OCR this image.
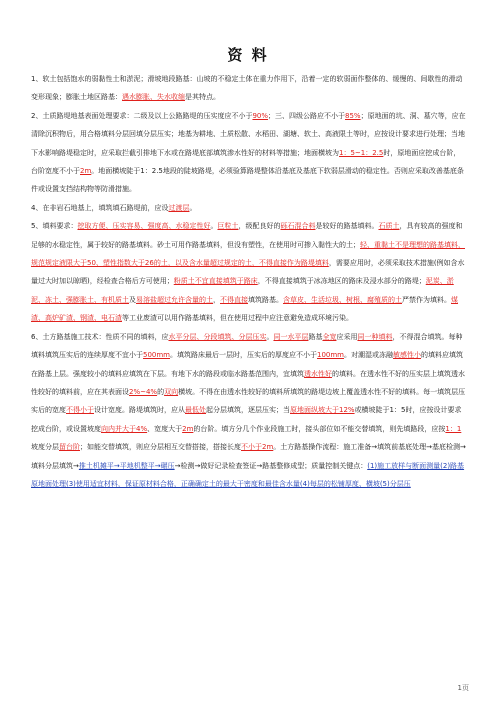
资 料

1、软土包括饱水的弱黏性土和淤泥；滑坡地段路基：山坡的不稳定土体在重力作用下，沿着一定的软弱面作整体的、缓慢的、间歇性的滑动变形现象；膨胀土地区路基：遇水膨胀、失水收缩是其特点。

2、土质路堤地基表面处理要求：二级及以上公路路堤的压实度应不小于90%；三、四级公路应不小于85%；原地面的坑、洞、墓穴等，应在清除沉积物后，用合格填料分层回填分层压实；地基为耕地、土质松散、水稻田、湖塘、软土、高液限土等时，应按设计要求进行处理；当地下水影响路堤稳定时，应采取拦截引排地下水或在路堤底部填筑渗水性好的材料等措施；地面横坡为1：5~1：2.5时，原地面应挖成台阶，台阶宽度不小于2m。地面横坡陡于1：2.5地段的陡坡路堤，必须验算路堤整体沿基底及基底下软弱层滑动的稳定性。否则应采取改善基底条件或设置支挡结构物等防滑措施。

4、在非岩石地基上，填筑填石路堤前，应设过渡层。

5、填料要求：挖取方便、压实容易、强度高、水稳定性好。巨粒土，级配良好的砾石混合料是较好的路基填料。石质土，具有较高的强度和足够的水稳定性，属于较好的路基填料。砂土可用作路基填料，但没有塑性，在使用时可掺入黏性大的土；轻、重黏土不是理想的路基填料，规范规定液限大于50、塑性指数大于26的土，以及含水量超过规定的土，不得直接作为路堤填料，需要应用时，必须采取技术措施(例如含水量过大时加以晾晒)，经检查合格后方可使用；粉质土不宜直接填筑于路床，不得直接填筑于冰冻地区的路床及浸水部分的路堤；泥炭、淤泥、冻土、强膨胀土、有机质土及易溶盐超过允许含量的土，不得直接填筑路基。含草皮、生活垃圾、树根、腐殖质的土严禁作为填料。煤渣、高炉矿渣、钢渣、电石渣等工业废渣可以用作路基填料，但在使用过程中应注意避免造成环境污染。

6、土方路基施工技术：性质不同的填料，应水平分层、分段填筑、分层压实。同一水平层路基全宽应采用同一种填料，不得混合填筑。每种填料填筑压实后的连续厚度不宜小于500mm。填筑路床最后一层时，压实后的厚度应不小于100mm。对潮湿或冻融敏感性小的填料应填筑在路基上层。强度较小的填料应填筑在下层。有地下水的路段或临水路基范围内，宜填筑透水性好的填料。在透水性不好的压实层上填筑透水性较好的填料前，应在其表面设2%~4%的双向横坡。不得在由透水性较好的填料所填筑的路堤边坡上覆盖透水性不好的填料。每一填筑层压实后的宽度不得小于设计宽度。路堤填筑时，应从最低处起分层填筑，逐层压实；当原地面纵坡大于12%或横坡陡于1：5时，应按设计要求挖成台阶，或设置坡度向内并大于4%、宽度大于2m的台阶。填方分几个作业段施工时，接头部位如不能交替填筑，则先填路段，应按1：1坡度分层留台阶；如能交替填筑，则应分层相互交替搭接，搭接长度不小于2m。土方路基操作流程：施工准备→填筑前基底处理→基底检测→填料分层填筑→推土机摊平→平地机整平→碾压→检测→做好记录检查签证→路基整修成型；质量控制关键点：(1)施工放样与断面测量(2)路基原地面处理(3)使用适宜材料，保证原材料合格，正确确定土的最大干密度和最佳含水量(4)每层的松铺厚度、横坡(5)分层压

1页
